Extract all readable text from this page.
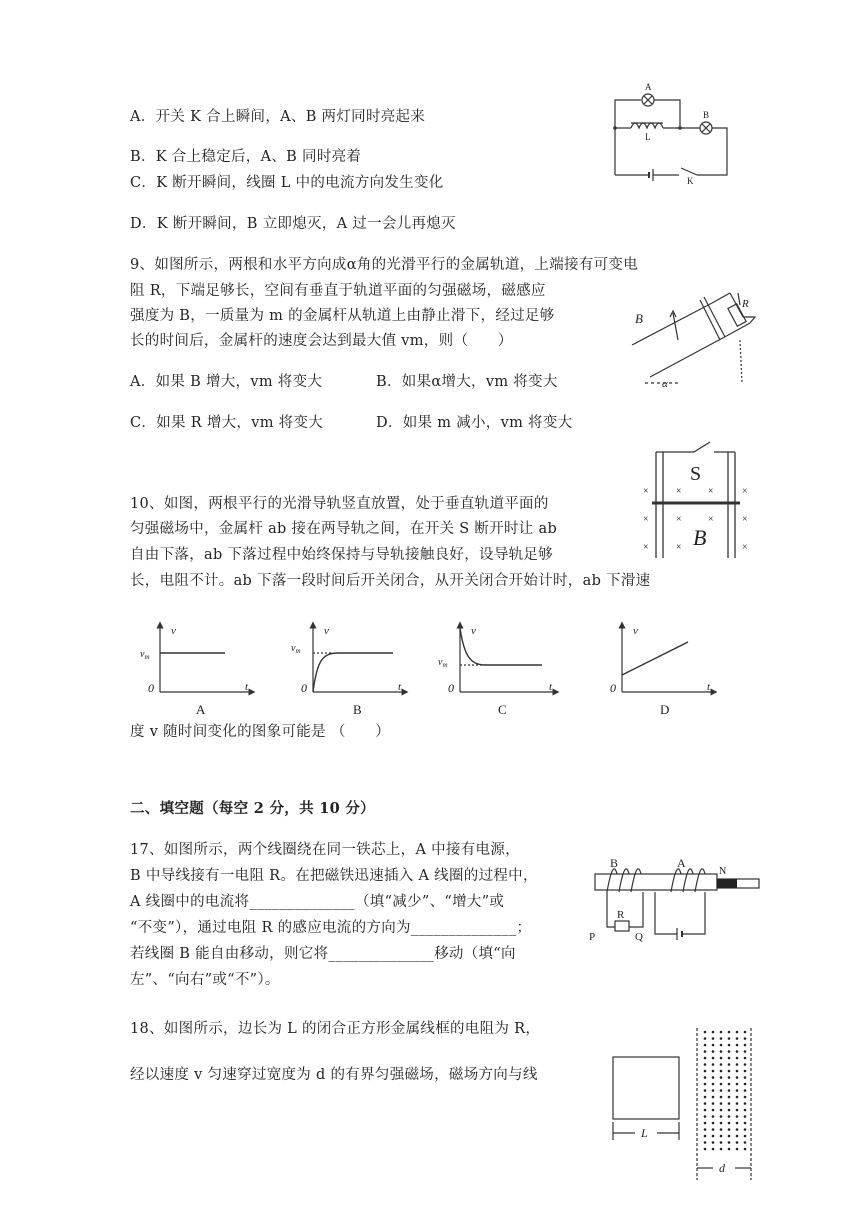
A．开关 K 合上瞬间，A、B 两灯同时亮起来
B．K 合上稳定后，A、B 同时亮着
C．K 断开瞬间，线圈 L 中的电流方向发生变化
D．K 断开瞬间，B 立即熄灭，A 过一会儿再熄灭
A
B
L
K
9、如图所示，两根和水平方向成α角的光滑平行的金属轨道，上端接有可变电
阻 R，下端足够长，空间有垂直于轨道平面的匀强磁场，磁感应
强度为 B，一质量为 m 的金属杆从轨道上由静止滑下，经过足够
长的时间后，金属杆的速度会达到最大值 vm，则（　　）
A．如果 B 增大，vm 将变大	B．如果α增大，vm 将变大
C．如果 R 增大，vm 将变大	D．如果 m 减小，vm 将变大
B
R
α
10、如图，两根平行的光滑导轨竖直放置，处于垂直轨道平面的
匀强磁场中，金属杆 ab 接在两导轨之间，在开关 S 断开时让 ab
自由下落，ab 下落过程中始终保持与导轨接触良好，设导轨足够
长，电阻不计。ab 下落一段时间后开关闭合，从开关闭合开始计时，ab 下滑速
度 v 随时间变化的图象可能是 （　　）
S
B
×	×	×	×
×	×	×	×
×	×	×
v
t
0
$v_m$
A
v
t
0
$v_m$
B
v
t
0
$v_m$
C
v
t
0
D
二、填空题（每空 2 分，共 10 分）
17、如图所示，两个线圈绕在同一铁芯上，A 中接有电源，
B 中导线接有一电阻 R。在把磁铁迅速插入 A 线圈的过程中，
A 线圈中的电流将______________（填“减少”、“增大”或
“不变”），通过电阻 R 的感应电流的方向为______________；
若线圈 B 能自由移动，则它将______________移动（填“向
左”、“向右”或“不”）。
B	A
R
P	Q
N
18、如图所示，边长为 L 的闭合正方形金属线框的电阻为 R，
经以速度 v 匀速穿过宽度为 d 的有界匀强磁场，磁场方向与线
L
d
